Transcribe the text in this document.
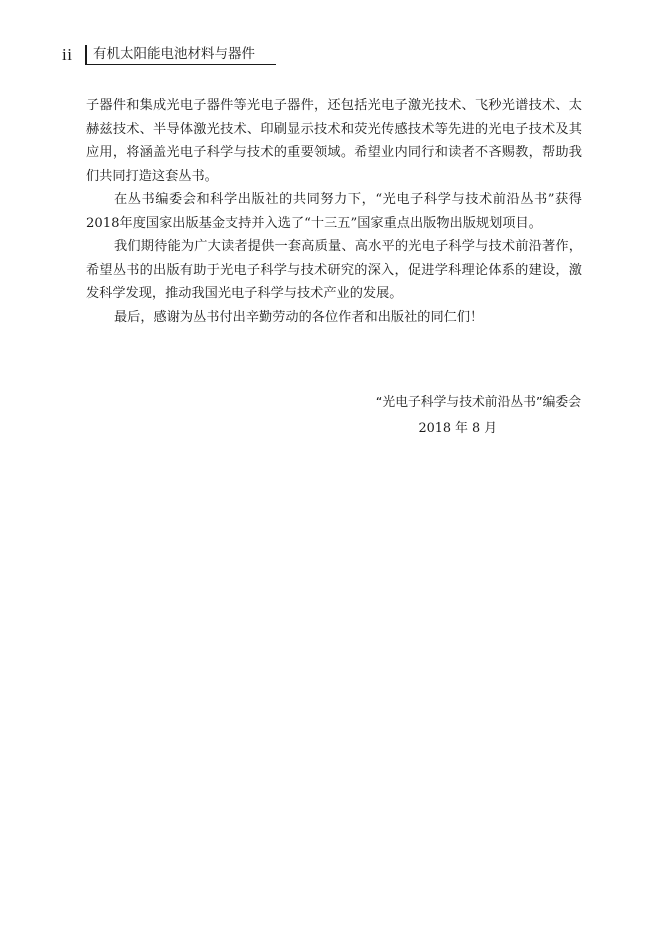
ii 有机太阳能电池材料与器件

子器件和集成光电子器件等光电子器件，还包括光电子激光技术、飞秒光谱技术、太赫兹技术、半导体激光技术、印刷显示技术和荧光传感技术等先进的光电子技术及其应用，将涵盖光电子科学与技术的重要领域。希望业内同行和读者不吝赐教，帮助我们共同打造这套丛书。

在丛书编委会和科学出版社的共同努力下，“光电子科学与技术前沿丛书”获得2018年度国家出版基金支持并入选了“十三五”国家重点出版物出版规划项目。

我们期待能为广大读者提供一套高质量、高水平的光电子科学与技术前沿著作，希望丛书的出版有助于光电子科学与技术研究的深入，促进学科理论体系的建设，激发科学发现，推动我国光电子科学与技术产业的发展。

最后，感谢为丛书付出辛勤劳动的各位作者和出版社的同仁们！

“光电子科学与技术前沿丛书”编委会
2018 年 8 月
